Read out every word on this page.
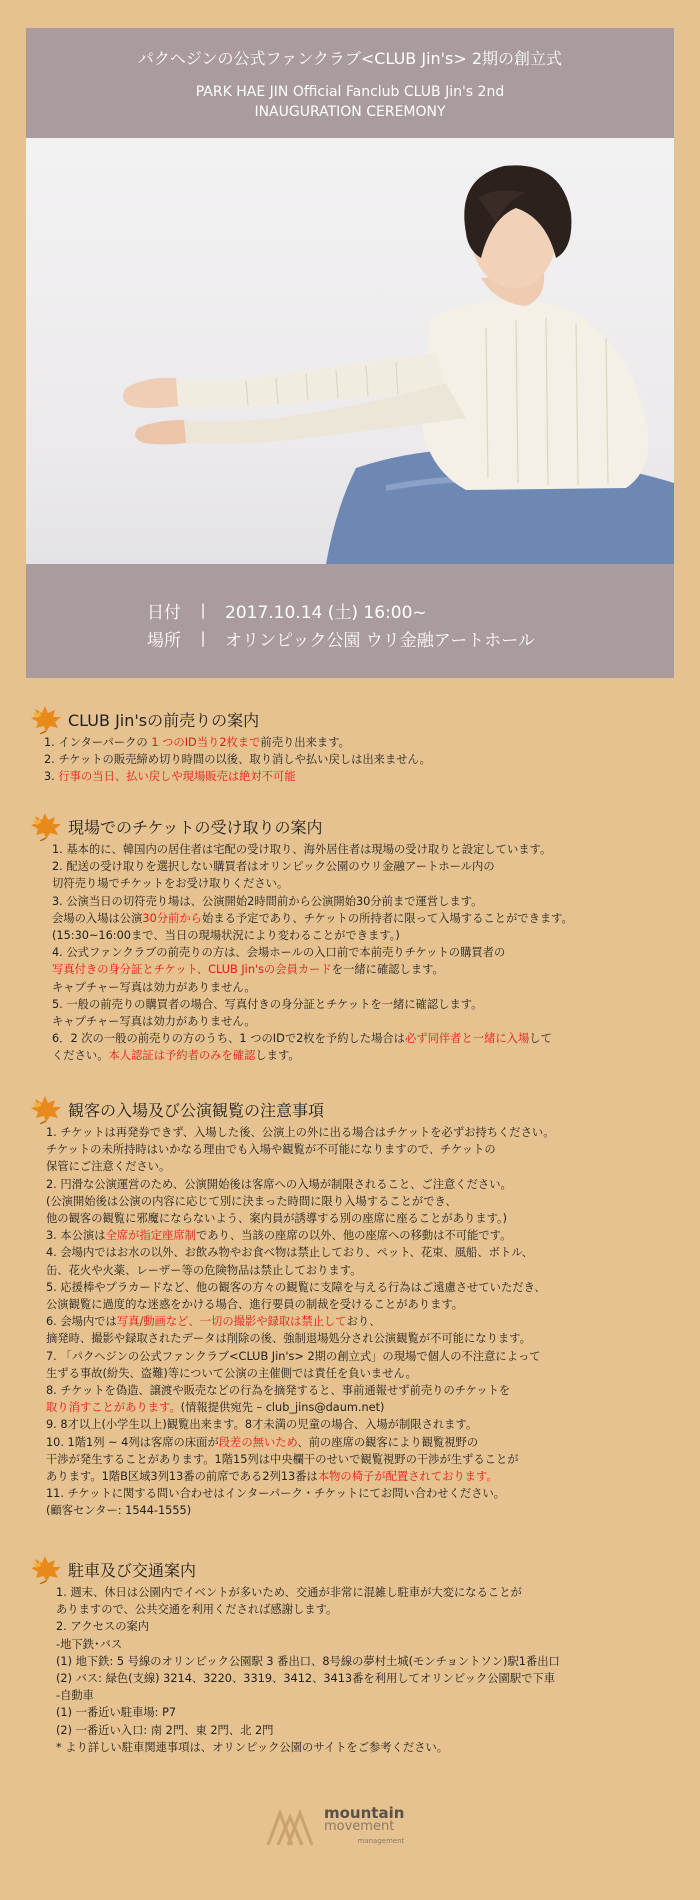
パクヘジンの公式ファンクラブ<CLUB Jin's> 2期の創立式
PARK HAE JIN Official Fanclub CLUB Jin's 2nd
INAUGURATION CEREMONY
日付	|	2017.10.14 (土) 16:00~
場所	|	オリンピック公園 ウリ金融アートホール
CLUB Jin'sの前売りの案内
1. インターパークの 1 つのID当り2枚まで前売り出来ます。
2. チケットの販売締め切り時間の以後、取り消しや払い戻しは出来ません。
3. 行事の当日、払い戻しや現場販売は絶対不可能
現場でのチケットの受け取りの案内
1. 基本的に、韓国内の居住者は宅配の受け取り、海外居住者は現場の受け取りと設定しています。
2. 配送の受け取りを選択しない購買者はオリンピック公園のウリ金融アートホール内の
切符売り場でチケットをお受け取りください。
3. 公演当日の切符売り場は、公演開始2時間前から公演開始30分前まで運営します。
会場の入場は公演30分前から始まる予定であり、チケットの所持者に限って入場することができます。
(15:30~16:00まで、当日の現場状況により変わることができます。)
4. 公式ファンクラブの前売りの方は、会場ホールの入口前で本前売りチケットの購買者の
写真付きの身分証とチケット、CLUB Jin'sの会員カードを一緒に確認します。
キャプチャー写真は効力がありません。
5. 一般の前売りの購買者の場合、写真付きの身分証とチケットを一緒に確認します。
キャプチャー写真は効力がありません。
6．2 次の一般の前売りの方のうち、1 つのIDで2枚を予約した場合は必ず同伴者と一緒に入場して
ください。本人認証は予約者のみを確認します。
観客の入場及び公演観覧の注意事項
1. チケットは再発券できず、入場した後、公演上の外に出る場合はチケットを必ずお持ちください。
チケットの未所持時はいかなる理由でも入場や観覧が不可能になりますので、チケットの
保管にご注意ください。
2. 円滑な公演運営のため、公演開始後は客席への入場が制限されること、ご注意ください。
(公演開始後は公演の内容に応じて別に決まった時間に限り入場することができ、
他の観客の観覧に邪魔にならないよう、案内員が誘導する別の座席に座ることがあります。)
3. 本公演は全席が指定座席制であり、当該の座席の以外、他の座席への移動は不可能です。
4. 会場内ではお水の以外、お飲み物やお食べ物は禁止しており、ペット、花束、風船、ボトル、
缶、花火や火薬、レーザー等の危険物品は禁止しております。
5. 応援棒やプラカードなど、他の観客の方々の観覧に支障を与える行為はご遠慮させていただき、
公演観覧に過度的な迷惑をかける場合、進行要員の制裁を受けることがあります。
6. 会場内では写真/動画など、一切の撮影や録取は禁止しており、
摘発時、撮影や録取されたデータは削除の後、強制退場処分され公演観覧が不可能になります。
7. 「パクヘジンの公式ファンクラブ<CLUB Jin's> 2期の創立式」の現場で個人の不注意によって
生ずる事故(紛失、盗難)等について公演の主催側では責任を負いません。
8. チケットを偽造、譲渡や販売などの行為を摘発すると、事前通報せず前売りのチケットを
取り消すことがあります。(情報提供宛先 – club_jins@daum.net)
9. 8才以上(小学生以上)観覧出来ます。8才未満の児童の場合、入場が制限されます。
10. 1階1列 ~ 4列は客席の床面が段差の無いため、前の座席の観客により観覧視野の
干渉が発生することがあります。1階15列は中央欄干のせいで観覧視野の干渉が生ずることが
あります。1階B区域3列13番の前席である2列13番は本物の椅子が配置されております。
11. チケットに関する問い合わせはインターパーク・チケットにてお問い合わせください。
(顧客センター: 1544-1555)
駐車及び交通案内
1. 週末、休日は公園内でイベントが多いため、交通が非常に混雑し駐車が大変になることが
ありますので、公共交通を利用くだされば感謝します。
2. アクセスの案内
-地下鉄･バス
(1) 地下鉄: 5 号線のオリンピック公園駅 3 番出口、8号線の夢村土城(モンチョントソン)駅1番出口
(2) バス: 緑色(支線) 3214、3220、3319、3412、3413番を利用してオリンピック公園駅で下車
-自動車
(1) 一番近い駐車場: P7
(2) 一番近い入口: 南 2門、東 2門、北 2門
* より詳しい駐車関連事項は、オリンピック公園のサイトをご参考ください。
mountain
movement
management
